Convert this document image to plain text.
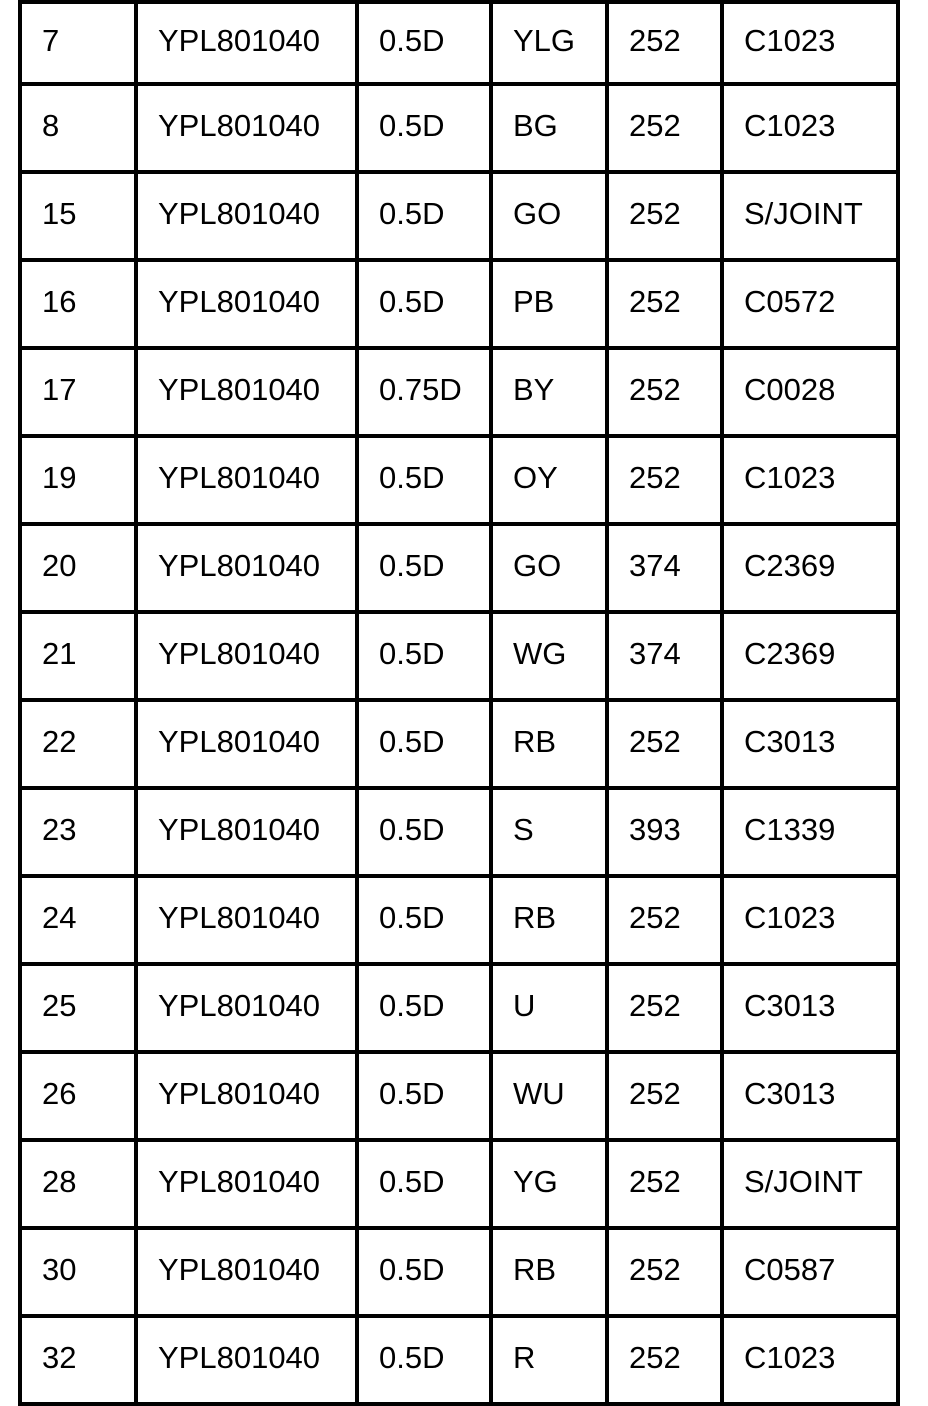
7	YPL801040	0.5D	YLG	252	C1023
8	YPL801040	0.5D	BG	252	C1023
15	YPL801040	0.5D	GO	252	S/JOINT
16	YPL801040	0.5D	PB	252	C0572
17	YPL801040	0.75D	BY	252	C0028
19	YPL801040	0.5D	OY	252	C1023
20	YPL801040	0.5D	GO	374	C2369
21	YPL801040	0.5D	WG	374	C2369
22	YPL801040	0.5D	RB	252	C3013
23	YPL801040	0.5D	S	393	C1339
24	YPL801040	0.5D	RB	252	C1023
25	YPL801040	0.5D	U	252	C3013
26	YPL801040	0.5D	WU	252	C3013
28	YPL801040	0.5D	YG	252	S/JOINT
30	YPL801040	0.5D	RB	252	C0587
32	YPL801040	0.5D	R	252	C1023
